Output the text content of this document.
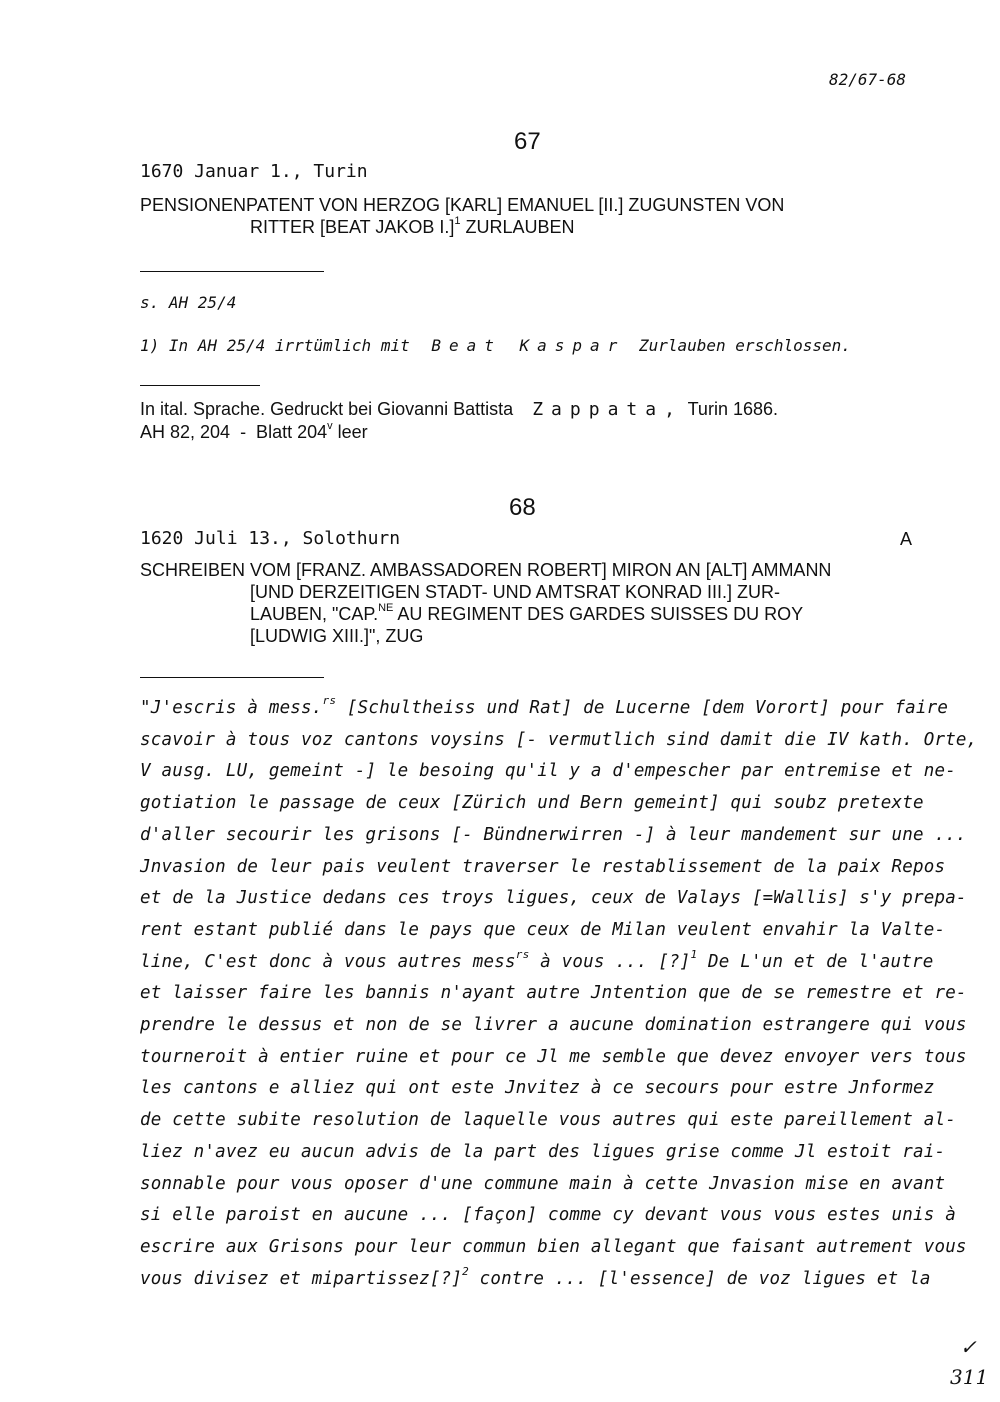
82/67-68
67
1670 Januar 1., Turin
PENSIONENPATENT VON HERZOG [KARL] EMANUEL [II.] ZUGUNSTEN VON
RITTER [BEAT JAKOB I.]$^1$ ZURLAUBEN
s. AH 25/4
1) In AH 25/4 irrtümlich mit Beat Kaspar Zurlauben erschlossen.
In ital. Sprache. Gedruckt bei Giovanni Battista Zappata, Turin 1686.
AH 82, 204  -  Blatt 204$^v$ leer
68
1620 Juli 13., Solothurn	A
SCHREIBEN VOM [FRANZ. AMBASSADOREN ROBERT] MIRON AN [ALT] AMMANN
[UND DERZEITIGEN STADT- UND AMTSRAT KONRAD III.] ZUR-
LAUBEN, "CAP.$^{NE}$ AU REGIMENT DES GARDES SUISSES DU ROY
[LUDWIG XIII.]", ZUG
"J'escris à mess.$^{rs}$ [Schultheiss und Rat] de Lucerne [dem Vorort] pour faire
scavoir à tous voz cantons voysins [- vermutlich sind damit die IV kath. Orte,
V ausg. LU, gemeint -] le besoing qu'il y a d'empescher par entremise et ne-
gotiation le passage de ceux [Zürich und Bern gemeint] qui soubz pretexte
d'aller secourir les grisons [- Bündnerwirren -] à leur mandement sur une ...
Jnvasion de leur pais veulent traverser le restablissement de la paix Repos
et de la Justice dedans ces troys ligues, ceux de Valays [=Wallis] s'y prepa-
rent estant publié dans le pays que ceux de Milan veulent envahir la Valte-
line, C'est donc à vous autres mess$^{rs}$ à vous ... [?]$^1$ De L'un et de l'autre
et laisser faire les bannis n'ayant autre Jntention que de se remestre et re-
prendre le dessus et non de se livrer a aucune domination estrangere qui vous
tourneroit à entier ruine et pour ce Jl me semble que devez envoyer vers tous
les cantons e alliez qui ont este Jnvitez à ce secours pour estre Jnformez
de cette subite resolution de laquelle vous autres qui este pareillement al-
liez n'avez eu aucun advis de la part des ligues grise comme Jl estoit rai-
sonnable pour vous oposer d'une commune main à cette Jnvasion mise en avant
si elle paroist en aucune ... [façon] comme cy devant vous vous estes unis à
escrire aux Grisons pour leur commun bien allegant que faisant autrement vous
vous divisez et mipartissez[?]$^2$ contre ... [l'essence] de voz ligues et la
✓
311
